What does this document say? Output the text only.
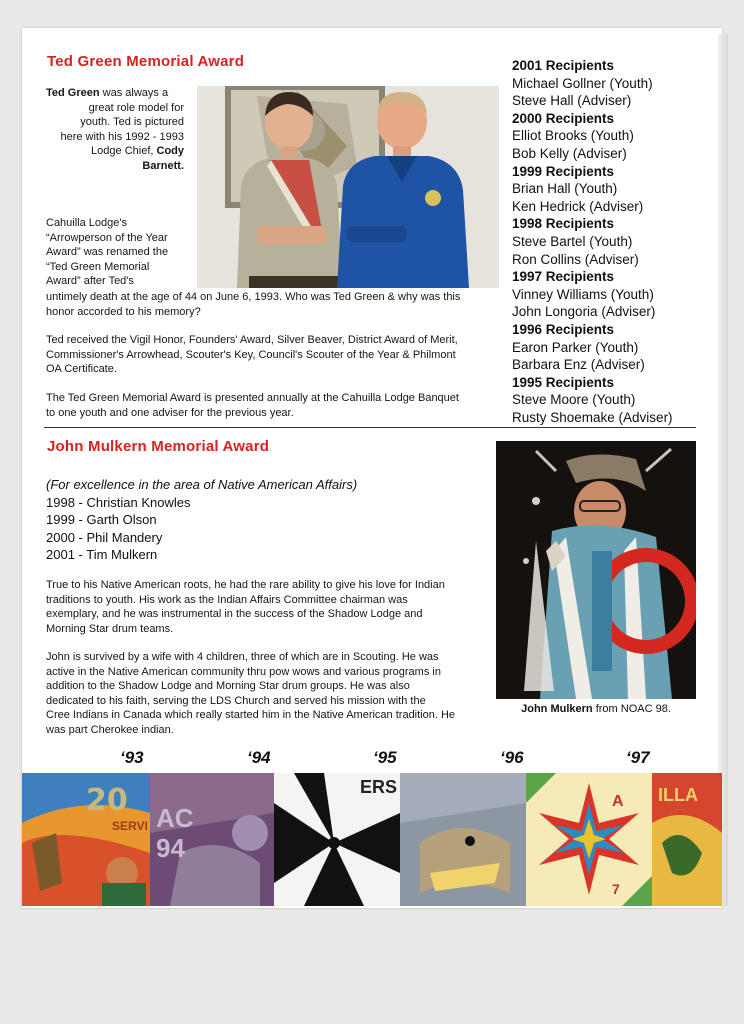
Ted Green Memorial Award
Ted Green was always a
great role model for
youth. Ted is pictured
here with his 1992 - 1993
Lodge Chief, Cody
Barnett.
Cahuilla Lodge's
“Arrowperson of the Year
Award” was renamed the
“Ted Green Memorial
Award” after Ted's
untimely death at the age of 44 on June 6, 1993. Who was Ted Green & why was this
honor accorded to his memory?
Ted received the Vigil Honor, Founders' Award, Silver Beaver, District Award of Merit,
Commissioner's Arrowhead, Scouter's Key, Council's Scouter of the Year & Philmont
OA Certificate.
The Ted Green Memorial Award is presented annually at the Cahuilla Lodge Banquet
to one youth and one adviser for the previous year.
2001 Recipients
Michael Gollner (Youth)
Steve Hall (Adviser)
2000 Recipients
Elliot Brooks (Youth)
Bob Kelly (Adviser)
1999 Recipients
Brian Hall (Youth)
Ken Hedrick (Adviser)
1998 Recipients
Steve Bartel (Youth)
Ron Collins (Adviser)
1997 Recipients
Vinney Williams (Youth)
John Longoria (Adviser)
1996 Recipients
Earon Parker (Youth)
Barbara Enz (Adviser)
1995 Recipients
Steve Moore (Youth)
Rusty Shoemake (Adviser)
John Mulkern Memorial Award
(For excellence in the area of Native American Affairs)
1998 - Christian Knowles
1999 - Garth Olson
2000 - Phil Mandery
2001 - Tim Mulkern
True to his Native American roots, he had the rare ability to give his love for Indian
traditions to youth. His work as the Indian Affairs Committee chairman was
exemplary, and he was instrumental in the success of the Shadow Lodge and
Morning Star drum teams.
John is survived by a wife with 4 children, three of which are in Scouting. He was
active in the Native American community thru pow wows and various programs in
addition to the Shadow Lodge and Morning Star drum groups. He was also
dedicated to his faith, serving the LDS Church and served his mission with the
Cree Indians in Canada which really started him in the Native American tradition. He
was part Cherokee indian.
John Mulkern from NOAC 98.
‘93	‘94	‘95	‘96	‘97
20
SERVI AC
94
ERS
A
7
ILLA
